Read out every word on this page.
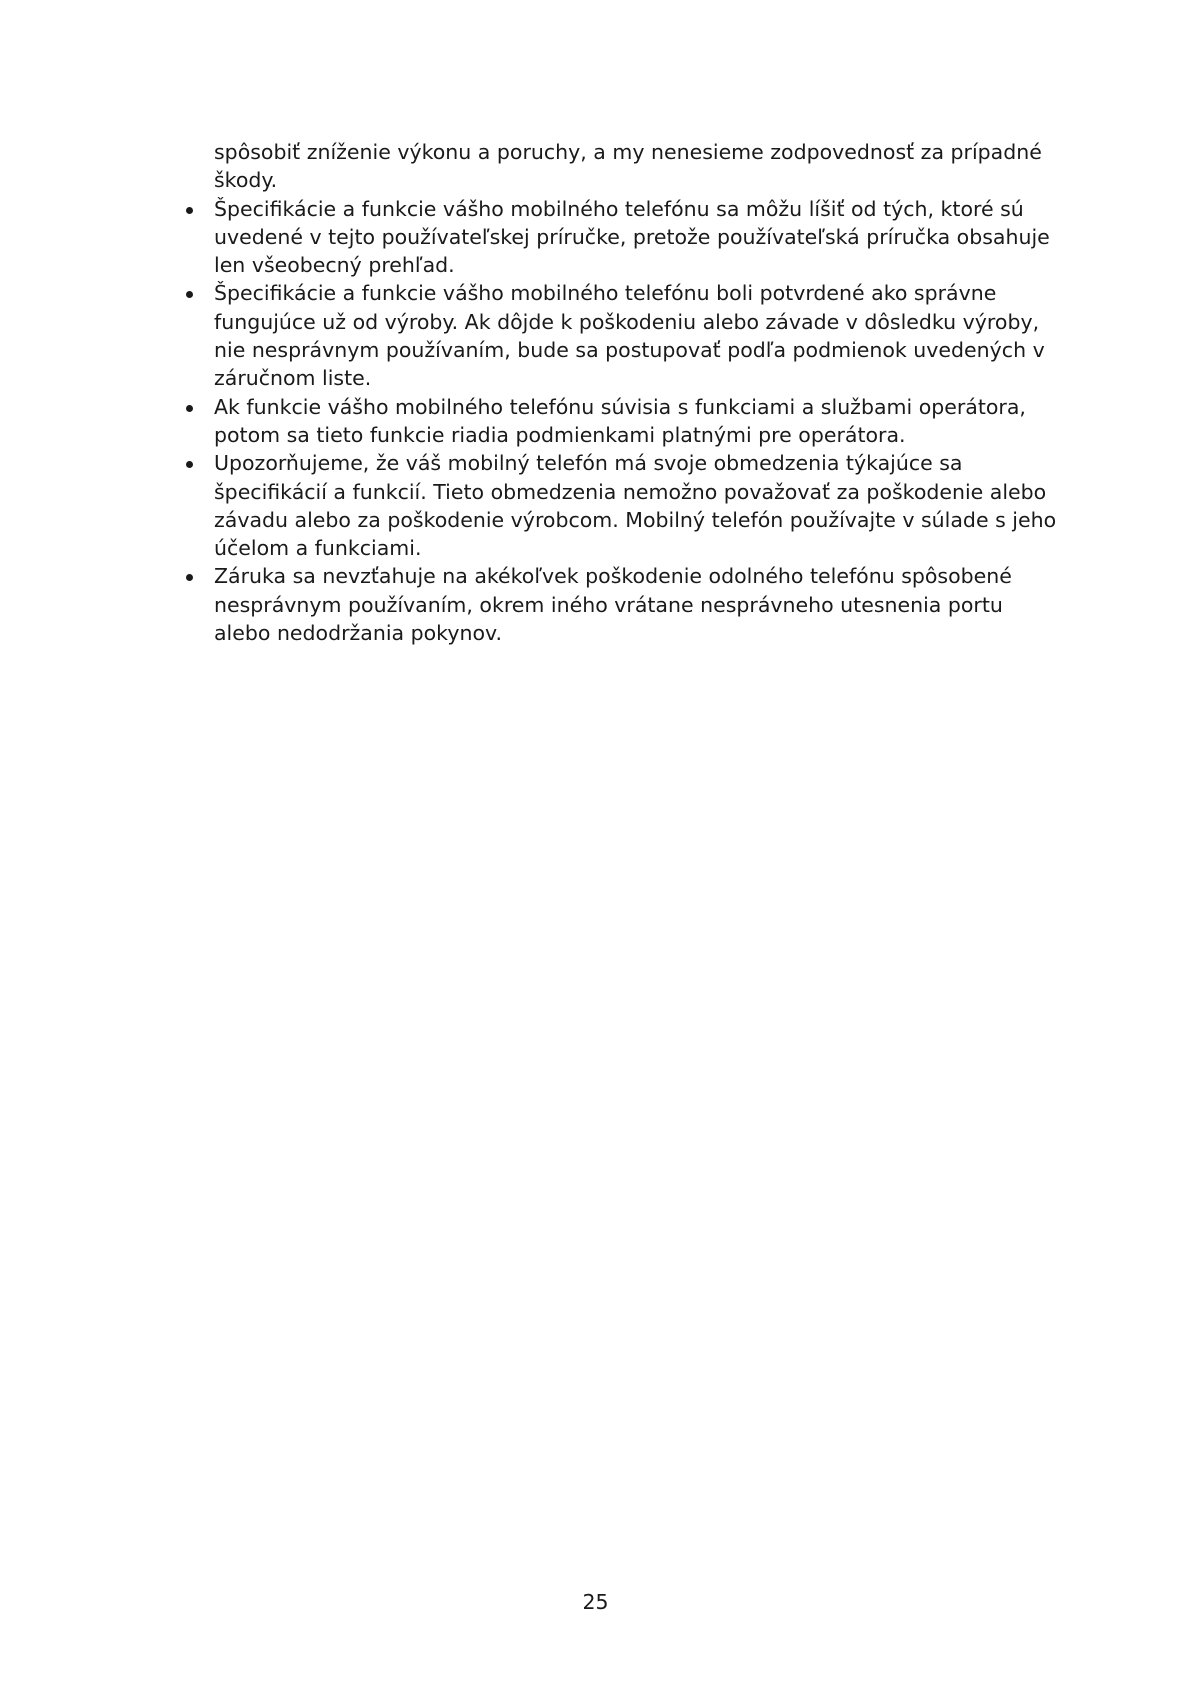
spôsobiť zníženie výkonu a poruchy, a my nenesieme zodpovednosť za prípadné škody.

Špecifikácie a funkcie vášho mobilného telefónu sa môžu líšiť od tých, ktoré sú uvedené v tejto používateľskej príručke, pretože používateľská príručka obsahuje len všeobecný prehľad.
Špecifikácie a funkcie vášho mobilného telefónu boli potvrdené ako správne fungujúce už od výroby. Ak dôjde k poškodeniu alebo závade v dôsledku výroby, nie nesprávnym používaním, bude sa postupovať podľa podmienok uvedených v záručnom liste.
Ak funkcie vášho mobilného telefónu súvisia s funkciami a službami operátora, potom sa tieto funkcie riadia podmienkami platnými pre operátora.
Upozorňujeme, že váš mobilný telefón má svoje obmedzenia týkajúce sa špecifikácií a funkcií. Tieto obmedzenia nemožno považovať za poškodenie alebo závadu alebo za poškodenie výrobcom. Mobilný telefón používajte v súlade s jeho účelom a funkciami.
Záruka sa nevzťahuje na akékoľvek poškodenie odolného telefónu spôsobené nesprávnym používaním, okrem iného vrátane nesprávneho utesnenia portu alebo nedodržania pokynov.
25
